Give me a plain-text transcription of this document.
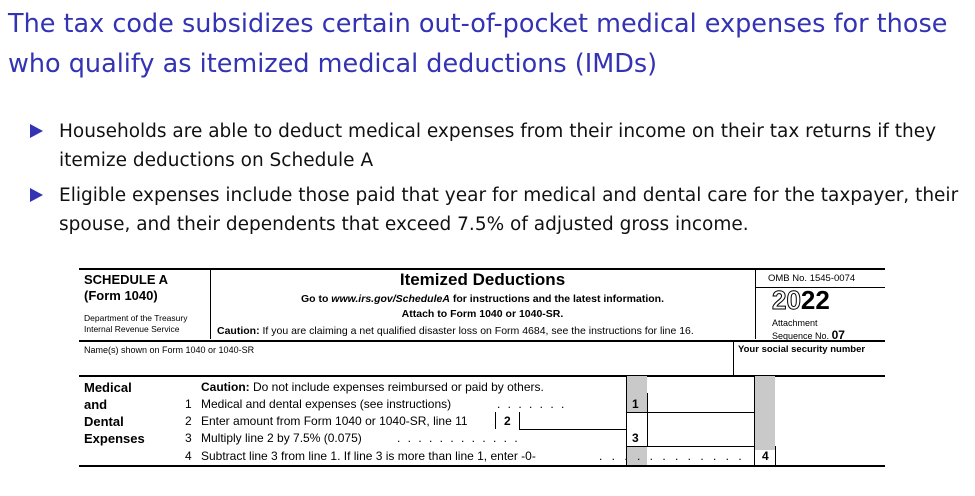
The tax code subsidizes certain out-of-pocket medical expenses for those who qualify as itemized medical deductions (IMDs)
Households are able to deduct medical expenses from their income on their tax returns if they itemize deductions on Schedule A
Eligible expenses include those paid that year for medical and dental care for the taxpayer, their spouse, and their dependents that exceed 7.5% of adjusted gross income.
SCHEDULE A
(Form 1040)
Department of the Treasury
Internal Revenue Service
Itemized Deductions
Go to www.irs.gov/ScheduleA for instructions and the latest information.
Attach to Form 1040 or 1040-SR.
Caution: If you are claiming a net qualified disaster loss on Form 4684, see the instructions for line 16.
OMB No. 1545-0074
2022
Attachment
Sequence No. 07
Name(s) shown on Form 1040 or 1040-SR	Your social security number
Medical
and
Dental
Expenses
Caution: Do not include expenses reimbursed or paid by others.
1 Medical and dental expenses (see instructions)	. . . . . . .	1
2 Enter amount from Form 1040 or 1040-SR, line 11	2
3 Multiply line 2 by 7.5% (0.075)	. . . . . . . . . . . .	3
4 Subtract line 3 from line 1. If line 3 is more than line 1, enter -0-	. . . . . . . . . . . . 4
